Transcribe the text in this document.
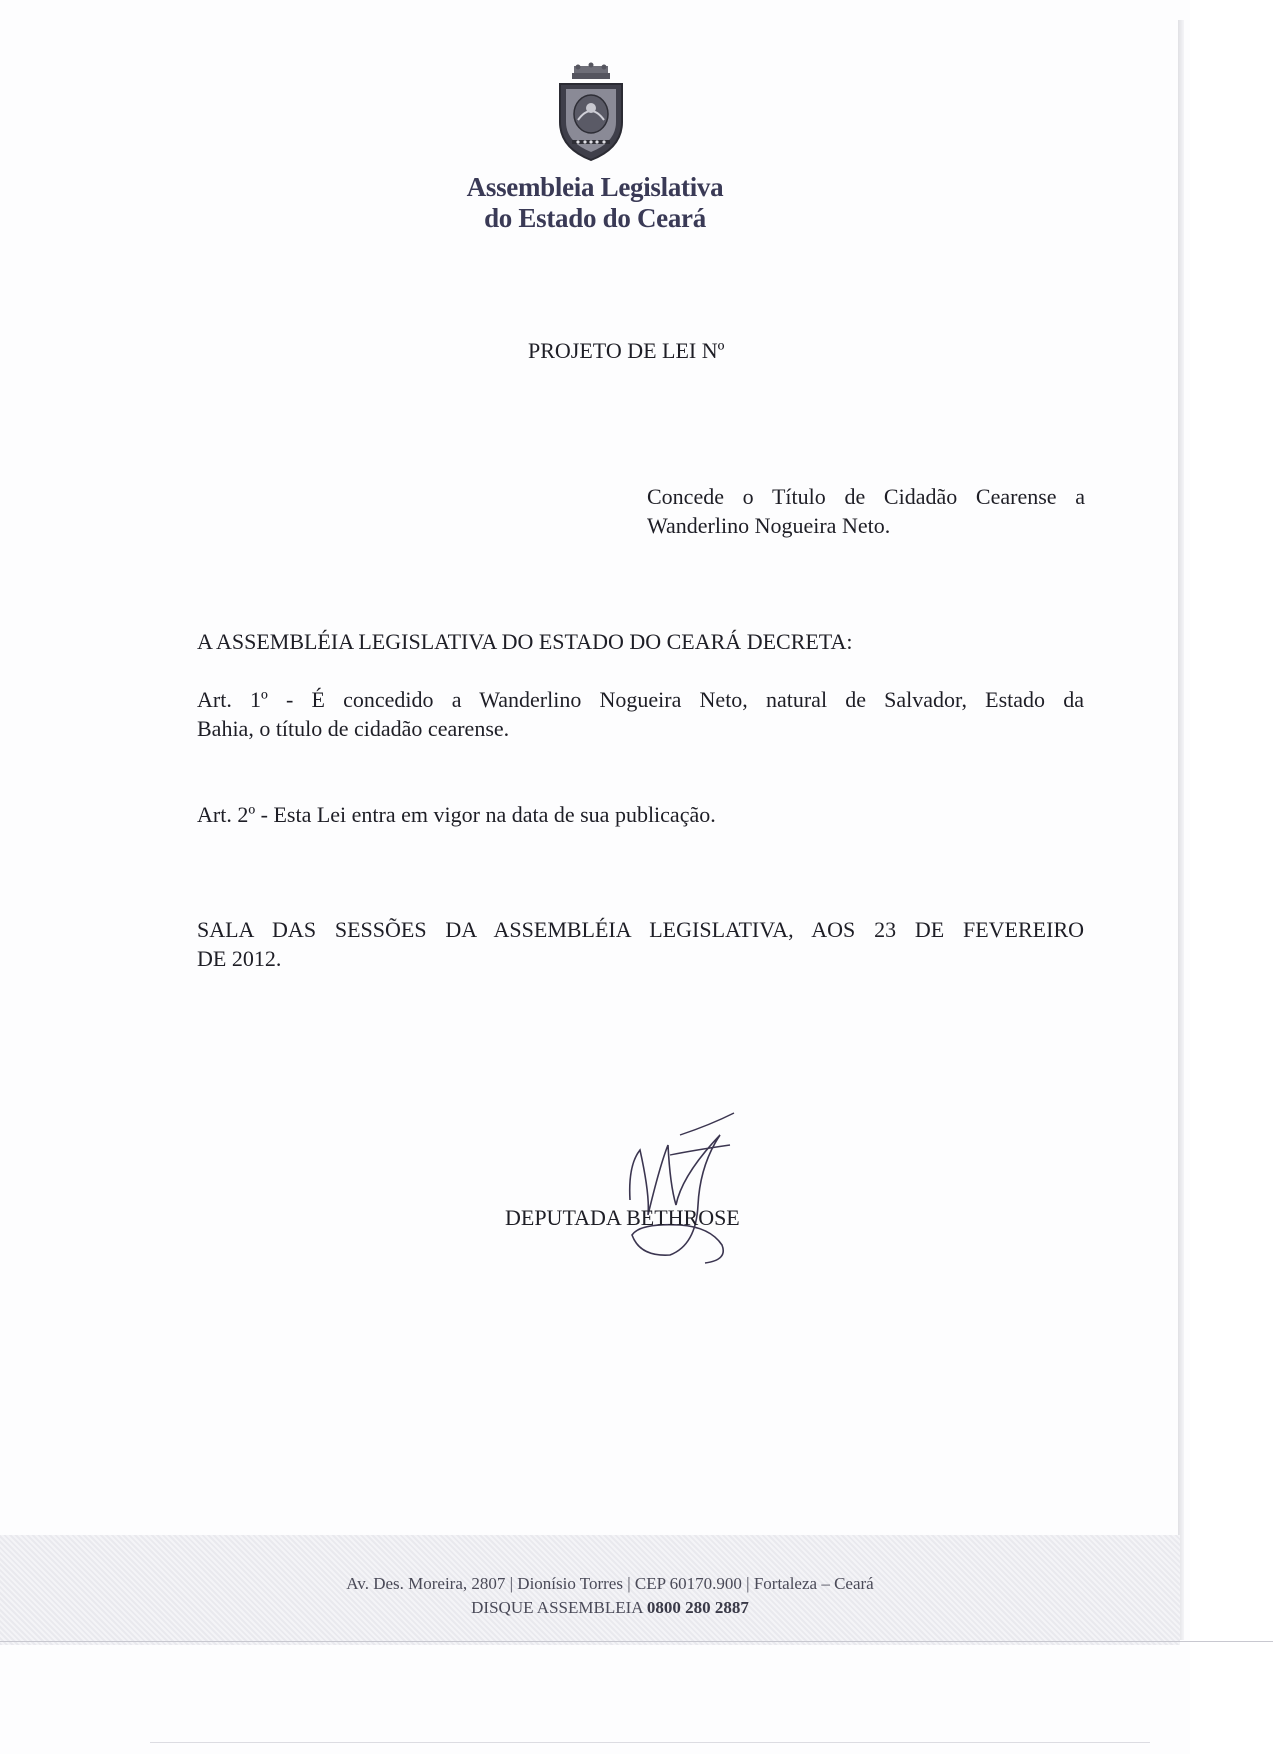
Assembleia Legislativa
do Estado do Ceará
PROJETO DE LEI Nº
Concede o Título de Cidadão Cearense a
Wanderlino Nogueira Neto.
A ASSEMBLÉIA LEGISLATIVA DO ESTADO DO CEARÁ DECRETA:
Art. 1º - É concedido a Wanderlino Nogueira Neto, natural de Salvador, Estado da
Bahia, o título de cidadão cearense.
Art. 2º - Esta Lei entra em vigor na data de sua publicação.
SALA DAS SESSÕES DA ASSEMBLÉIA LEGISLATIVA, AOS 23 DE FEVEREIRO
DE 2012.
DEPUTADA BETHROSE
Av. Des. Moreira, 2807 | Dionísio Torres | CEP 60170.900 | Fortaleza – Ceará
DISQUE ASSEMBLEIA 0800 280 2887
